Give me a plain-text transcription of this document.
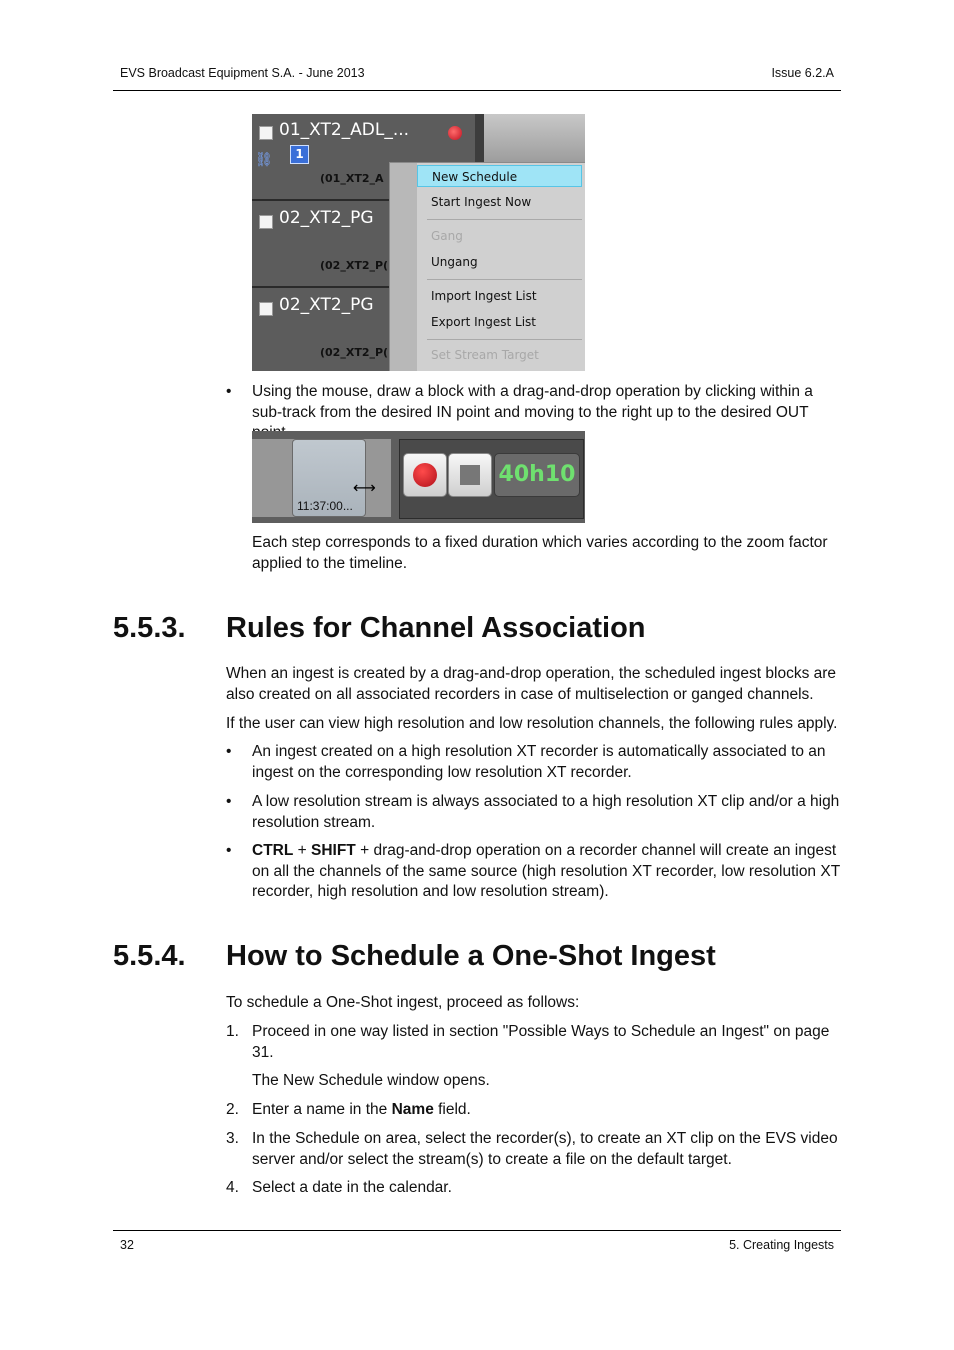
EVS Broadcast Equipment S.A. - June 2013	Issue 6.2.A
01_XT2_ADL_...
⛓	1
(01_XT2_A
02_XT2_PG
(02_XT2_P(
02_XT2_PG
(02_XT2_P(
New Schedule
Start Ingest Now
Gang
Ungang
Import Ingest List
Export Ingest List
Set Stream Target
• Using the mouse, draw a block with a drag-and-drop operation by clicking within a sub-track from the desired IN point and moving to the right up to the desired OUT
11:37:00...
⟷
40h10
Each step corresponds to a fixed duration which varies according to the zoom factor applied to the timeline.
5.5.3. Rules for Channel Association
When an ingest is created by a drag-and-drop operation, the scheduled ingest blocks are also created on all associated recorders in case of multiselection or ganged channels.
If the user can view high resolution and low resolution channels, the following rules apply.
• An ingest created on a high resolution XT recorder is automatically associated to an ingest on the corresponding low resolution XT recorder.
• A low resolution stream is always associated to a high resolution XT clip and/or a high resolution stream.
• CTRL + SHIFT + drag-and-drop operation on a recorder channel will create an ingest on all the channels of the same source (high resolution XT recorder, low resolution XT recorder, high resolution and low resolution stream).
5.5.4. How to Schedule a One-Shot Ingest
To schedule a One-Shot ingest, proceed as follows:
1. Proceed in one way listed in section "Possible Ways to Schedule an Ingest" on page 31.
The New Schedule window opens.
2. Enter a name in the Name field.
3. In the Schedule on area, select the recorder(s), to create an XT clip on the EVS video server and/or select the stream(s) to create a file on the default target.
4. Select a date in the calendar.
32	5. Creating Ingests
